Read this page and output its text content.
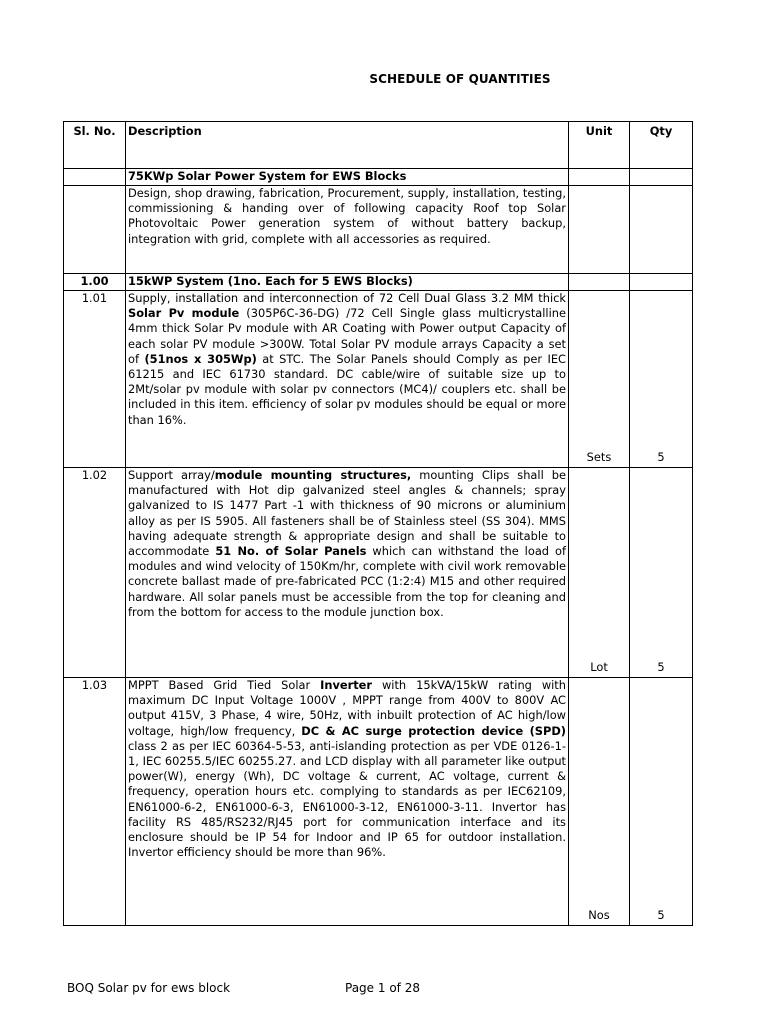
SCHEDULE OF QUANTITIES
Sl. No.	Description	Unit	Qty
	75KWp Solar Power System for EWS Blocks		
	Design, shop drawing, fabrication, Procurement, supply, installation, testing, commissioning & handing over of following capacity Roof top Solar Photovoltaic Power generation system of without battery backup, integration with grid, complete with all accessories as required.		
1.00	15kWP System (1no. Each for 5 EWS Blocks)		
1.01	Supply, installation and interconnection of 72 Cell Dual Glass 3.2 MM thick Solar Pv module (305P6C-36-DG) /72 Cell Single glass multicrystalline 4mm thick Solar Pv module with AR Coating with Power output Capacity of each solar PV module >300W. Total Solar PV module arrays Capacity a set of (51nos x 305Wp) at STC. The Solar Panels should Comply as per IEC 61215 and IEC 61730 standard. DC cable/wire of suitable size up to 2Mt/solar pv module with solar pv connectors (MC4)/ couplers etc. shall be included in this item. efficiency of solar pv modules should be equal or more than 16%.	Sets	5
1.02	Support array/module mounting structures, mounting Clips shall be manufactured with Hot dip galvanized steel angles & channels; spray galvanized to IS 1477 Part -1 with thickness of 90 microns or aluminium alloy as per IS 5905. All fasteners shall be of Stainless steel (SS 304). MMS having adequate strength & appropriate design and shall be suitable to accommodate 51 No. of Solar Panels which can withstand the load of modules and wind velocity of 150Km/hr, complete with civil work removable concrete ballast made of pre-fabricated PCC (1:2:4) M15 and other required hardware. All solar panels must be accessible from the top for cleaning and from the bottom for access to the module junction box.	Lot	5
1.03	MPPT Based Grid Tied Solar Inverter with 15kVA/15kW rating with maximum DC Input Voltage 1000V , MPPT range from 400V to 800V AC output 415V, 3 Phase, 4 wire, 50Hz, with inbuilt protection of AC high/low voltage, high/low frequency, DC & AC surge protection device (SPD) class 2 as per IEC 60364-5-53, anti-islanding protection as per VDE 0126-1-1, IEC 60255.5/IEC 60255.27. and LCD display with all parameter like output power(W), energy (Wh), DC voltage & current, AC voltage, current & frequency, operation hours etc. complying to standards as per IEC62109, EN61000-6-2, EN61000-6-3, EN61000-3-12, EN61000-3-11. Invertor has facility RS 485/RS232/RJ45 port for communication interface and its enclosure should be IP 54 for Indoor and IP 65 for outdoor installation. Invertor efficiency should be more than 96%.	Nos	5
BOQ Solar pv for ews block	Page 1 of 28
